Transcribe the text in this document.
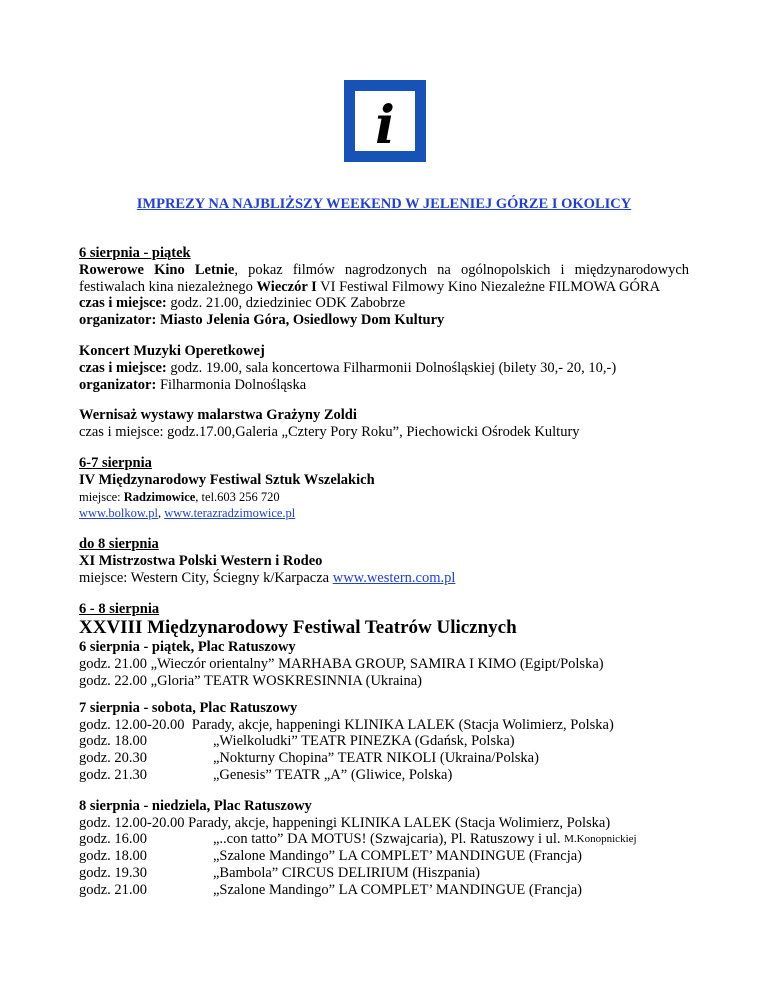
i
IMPREZY NA NAJBLIŻSZY WEEKEND W JELENIEJ GÓRZE I OKOLICY
6 sierpnia - piątek
Rowerowe Kino Letnie, pokaz filmów nagrodzonych na ogólnopolskich i międzynarodowych festiwalach kina niezależnego Wieczór I VI Festiwal Filmowy Kino Niezależne FILMOWA GÓRA
czas i miejsce: godz. 21.00, dziedziniec ODK Zabobrze
organizator: Miasto Jelenia Góra, Osiedlowy Dom Kultury
Koncert Muzyki Operetkowej
czas i miejsce: godz. 19.00, sala koncertowa Filharmonii Dolnośląskiej (bilety 30,- 20, 10,-)
organizator: Filharmonia Dolnośląska
Wernisaż wystawy malarstwa Grażyny Zoldi
czas i miejsce: godz.17.00,Galeria „Cztery Pory Roku”, Piechowicki Ośrodek Kultury
6-7 sierpnia
IV Międzynarodowy Festiwal Sztuk Wszelakich
miejsce: Radzimowice, tel.603 256 720
www.bolkow.pl, www.terazradzimowice.pl
do 8 sierpnia
XI Mistrzostwa Polski Western i Rodeo
miejsce: Western City, Ściegny k/Karpacza www.western.com.pl
6 - 8 sierpnia
XXVIII Międzynarodowy Festiwal Teatrów Ulicznych
6 sierpnia - piątek, Plac Ratuszowy
godz. 21.00 „Wieczór orientalny” MARHABA GROUP, SAMIRA I KIMO (Egipt/Polska)
godz. 22.00 „Gloria” TEATR WOSKRESINNIA (Ukraina)
7 sierpnia - sobota, Plac Ratuszowy
godz. 12.00-20.00 Parady, akcje, happeningi KLINIKA LALEK (Stacja Wolimierz, Polska)
godz. 18.00	„Wielkoludki” TEATR PINEZKA (Gdańsk, Polska)
godz. 20.30	„Nokturny Chopina” TEATR NIKOLI (Ukraina/Polska)
godz. 21.30	„Genesis” TEATR „A” (Gliwice, Polska)
8 sierpnia - niedziela, Plac Ratuszowy
godz. 12.00-20.00 Parady, akcje, happeningi KLINIKA LALEK (Stacja Wolimierz, Polska)
godz. 16.00	„..con tatto” DA MOTUS! (Szwajcaria), Pl. Ratuszowy i ul. M.Konopnickiej
godz. 18.00	„Szalone Mandingo” LA COMPLET’ MANDINGUE (Francja)
godz. 19.30	„Bambola” CIRCUS DELIRIUM (Hiszpania)
godz. 21.00	„Szalone Mandingo” LA COMPLET’ MANDINGUE (Francja)
